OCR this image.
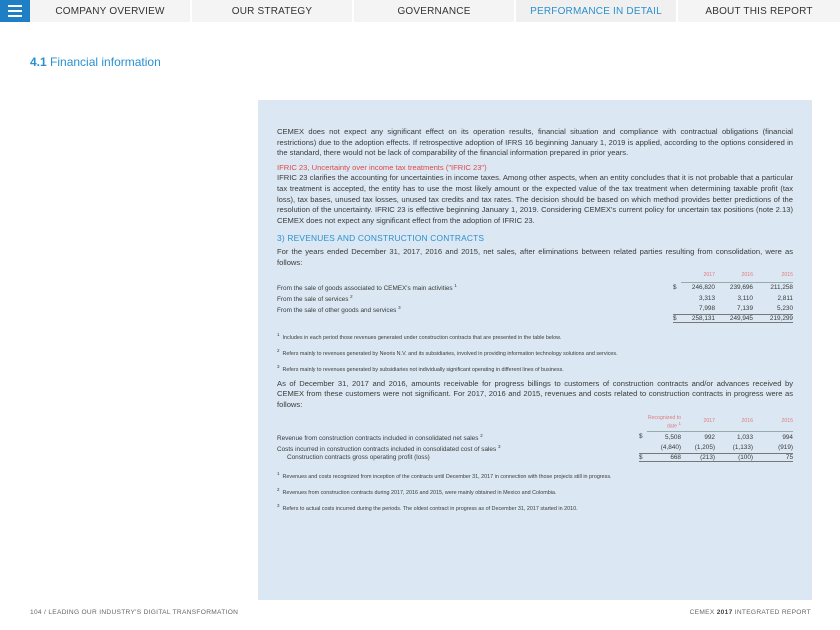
COMPANY OVERVIEW	OUR STRATEGY	GOVERNANCE	PERFORMANCE IN DETAIL	ABOUT THIS REPORT
4.1 Financial information

CEMEX does not expect any significant effect on its operation results, financial situation and compliance with contractual obligations (financial restrictions) due to the adoption effects. If retrospective adoption of IFRS 16 beginning January 1, 2019 is applied, according to the options considered in the standard, there would not be lack of comparability of the financial information prepared in prior years.

IFRIC 23, Uncertainty over income tax treatments ("IFRIC 23")

IFRIC 23 clarifies the accounting for uncertainties in income taxes. Among other aspects, when an entity concludes that it is not probable that a particular tax treatment is accepted, the entity has to use the most likely amount or the expected value of the tax treatment when determining taxable profit (tax loss), tax bases, unused tax losses, unused tax credits and tax rates. The decision should be based on which method provides better predictions of the resolution of the uncertainty. IFRIC 23 is effective beginning January 1, 2019. Considering CEMEX's current policy for uncertain tax positions (note 2.13) CEMEX does not expect any significant effect from the adoption of IFRIC 23.

3) REVENUES AND CONSTRUCTION CONTRACTS

For the years ended December 31, 2017, 2016 and 2015, net sales, after eliminations between related parties resulting from consolidation, were as follows:

		2017	2016	2015
From the sale of goods associated to CEMEX's main activities $^1$	$	246,820	239,696	211,258
From the sale of services $^2$		3,313	3,110	2,811
From the sale of other goods and services $^3$		7,998	7,139	5,230
	$	258,131	249,945	219,299
$^1$  Includes in each period those revenues generated under construction contracts that are presented in the table below.
$^2$  Refers mainly to revenues generated by Neoris N.V. and its subsidiaries, involved in providing information technology solutions and services.
$^3$  Refers mainly to revenues generated by subsidiaries not individually significant operating in different lines of business.

As of December 31, 2017 and 2016, amounts receivable for progress billings to customers of construction contracts and/or advances received by CEMEX from these customers were not significant. For 2017, 2016 and 2015, revenues and costs related to construction contracts in progress were as follows:

		Recognized to
date $^1$	2017	2016	2015
Revenue from construction contracts included in consolidated net sales $^2$	$	5,508	992	1,033	994
Costs incurred in construction contracts included in consolidated cost of sales $^3$		(4,840)	(1,205)	(1,133)	(919)
Construction contracts gross operating profit (loss)	$	668	(213)	(100)	75
$^1$  Revenues and costs recognized from inception of the contracts until December 31, 2017 in connection with those projects still in progress.
$^2$  Revenues from construction contracts during 2017, 2016 and 2015, were mainly obtained in Mexico and Colombia.
$^3$  Refers to actual costs incurred during the periods. The oldest contract in progress as of December 31, 2017 started in 2010.
104 / LEADING OUR INDUSTRY'S DIGITAL TRANSFORMATION	CEMEX 2017 INTEGRATED REPORT
